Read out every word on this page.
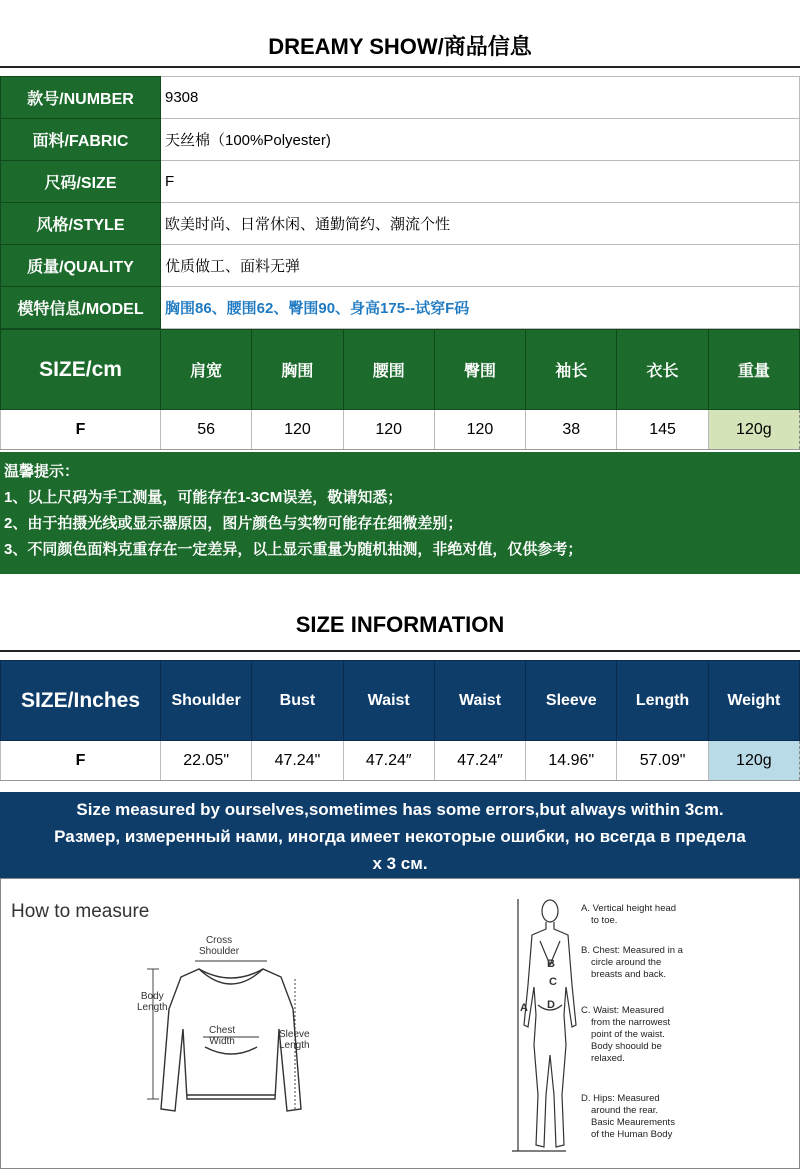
DREAMY SHOW/商品信息
款号/NUMBER	9308
面料/FABRIC	天丝棉（100%Polyester)
尺码/SIZE	F
风格/STYLE	欧美时尚、日常休闲、通勤简约、潮流个性
质量/QUALITY	优质做工、面料无弹
模特信息/MODEL	胸围86、腰围62、臀围90、身高175--试穿F码
SIZE/cm	肩宽	胸围	腰围	臀围	袖长	衣长	重量
F	56	120	120	120	38	145	120g
温馨提示：
1、以上尺码为手工测量，可能存在1-3CM误差，敬请知悉；
2、由于拍摄光线或显示器原因，图片颜色与实物可能存在细微差别；
3、不同颜色面料克重存在一定差异，以上显示重量为随机抽测，非绝对值，仅供参考；
SIZE INFORMATION
SIZE/Inches	Shoulder	Bust	Waist	Waist	Sleeve	Length	Weight
F	22.05"	47.24"	47.24″	47.24″	14.96"	57.09"	120g
Size measured by ourselves,sometimes has some errors,but always within 3cm.
Размер, измеренный нами, иногда имеет некоторые ошибки, но всегда в предела
х 3 см.
How to measure
Cross
Shoulder
Body
Length
Chest
Width
Sleeve
Length
A
B
C
D
A. Vertical height head
to toe.
B. Chest: Measured in a
circle around the
breasts and back.
C. Waist: Measured
from the narrowest
point of the waist.
Body shoould be
relaxed.
D. Hips: Measured
around the rear.
Basic Meaurements
of the Human Body
